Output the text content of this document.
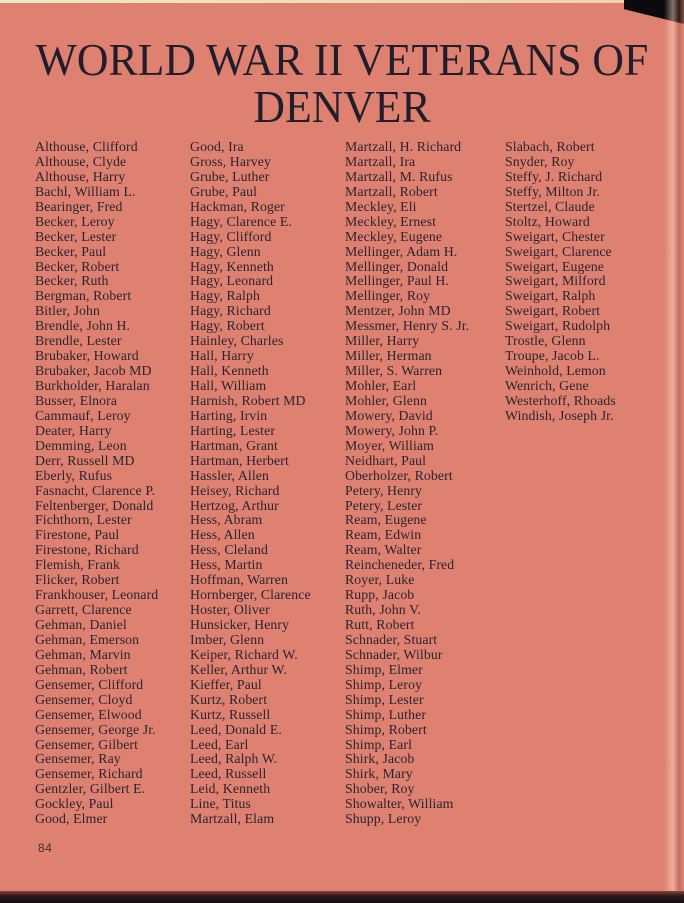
WORLD WAR II VETERANS OF
DENVER
Althouse, Clifford
Althouse, Clyde
Althouse, Harry
Bachl, William L.
Bearinger, Fred
Becker, Leroy
Becker, Lester
Becker, Paul
Becker, Robert
Becker, Ruth
Bergman, Robert
Bitler, John
Brendle, John H.
Brendle, Lester
Brubaker, Howard
Brubaker, Jacob MD
Burkholder, Haralan
Busser, Elnora
Cammauf, Leroy
Deater, Harry
Demming, Leon
Derr, Russell MD
Eberly, Rufus
Fasnacht, Clarence P.
Feltenberger, Donald
Fichthorn, Lester
Firestone, Paul
Firestone, Richard
Flemish, Frank
Flicker, Robert
Frankhouser, Leonard
Garrett, Clarence
Gehman, Daniel
Gehman, Emerson
Gehman, Marvin
Gehman, Robert
Gensemer, Clifford
Gensemer, Cloyd
Gensemer, Elwood
Gensemer, George Jr.
Gensemer, Gilbert
Gensemer, Ray
Gensemer, Richard
Gentzler, Gilbert E.
Gockley, Paul
Good, Elmer
Good, Ira
Gross, Harvey
Grube, Luther
Grube, Paul
Hackman, Roger
Hagy, Clarence E.
Hagy, Clifford
Hagy, Glenn
Hagy, Kenneth
Hagy, Leonard
Hagy, Ralph
Hagy, Richard
Hagy, Robert
Hainley, Charles
Hall, Harry
Hall, Kenneth
Hall, William
Harnish, Robert MD
Harting, Irvin
Harting, Lester
Hartman, Grant
Hartman, Herbert
Hassler, Allen
Heisey, Richard
Hertzog, Arthur
Hess, Abram
Hess, Allen
Hess, Cleland
Hess, Martin
Hoffman, Warren
Hornberger, Clarence
Hoster, Oliver
Hunsicker, Henry
Imber, Glenn
Keiper, Richard W.
Keller, Arthur W.
Kieffer, Paul
Kurtz, Robert
Kurtz, Russell
Leed, Donald E.
Leed, Earl
Leed, Ralph W.
Leed, Russell
Leid, Kenneth
Line, Titus
Martzall, Elam
Martzall, H. Richard
Martzall, Ira
Martzall, M. Rufus
Martzall, Robert
Meckley, Eli
Meckley, Ernest
Meckley, Eugene
Mellinger, Adam H.
Mellinger, Donald
Mellinger, Paul H.
Mellinger, Roy
Mentzer, John MD
Messmer, Henry S. Jr.
Miller, Harry
Miller, Herman
Miller, S. Warren
Mohler, Earl
Mohler, Glenn
Mowery, David
Mowery, John P.
Moyer, William
Neidhart, Paul
Oberholzer, Robert
Petery, Henry
Petery, Lester
Ream, Eugene
Ream, Edwin
Ream, Walter
Reincheneder, Fred
Royer, Luke
Rupp, Jacob
Ruth, John V.
Rutt, Robert
Schnader, Stuart
Schnader, Wilbur
Shimp, Elmer
Shimp, Leroy
Shimp, Lester
Shimp, Luther
Shimp, Robert
Shimp, Earl
Shirk, Jacob
Shirk, Mary
Shober, Roy
Showalter, William
Shupp, Leroy
Slabach, Robert
Snyder, Roy
Steffy, J. Richard
Steffy, Milton Jr.
Stertzel, Claude
Stoltz, Howard
Sweigart, Chester
Sweigart, Clarence
Sweigart, Eugene
Sweigart, Milford
Sweigart, Ralph
Sweigart, Robert
Sweigart, Rudolph
Trostle, Glenn
Troupe, Jacob L.
Weinhold, Lemon
Wenrich, Gene
Westerhoff, Rhoads
Windish, Joseph Jr.
84
